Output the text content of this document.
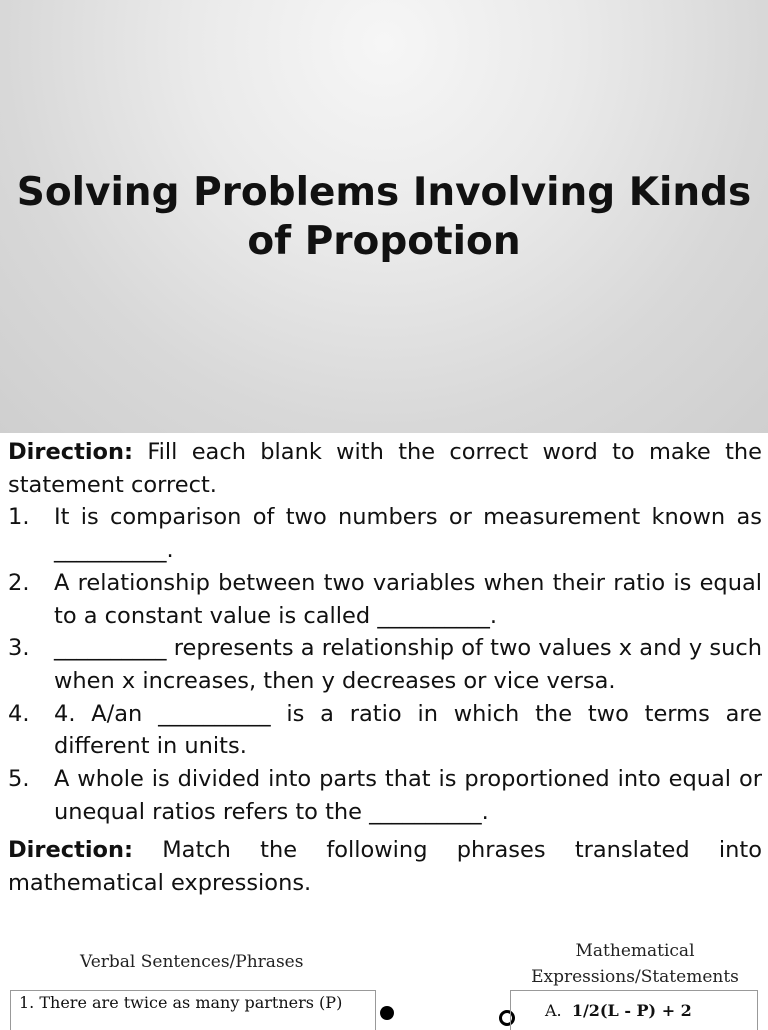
Solving Problems Involving Kinds
of Propotion
Direction: Fill each blank with the correct word to make the statement correct.
1. It is comparison of two numbers or measurement known as __________.
2. A relationship between two variables when their ratio is equal to a constant value is called __________.
3. __________ represents a relationship of two values x and y such when x increases, then y decreases or vice versa.
4. 4. A/an __________ is a ratio in which the two terms are different in units.
5. A whole is divided into parts that is proportioned into equal or unequal ratios refers to the __________.
Direction: Match the following phrases translated into mathematical expressions.
Verbal Sentences/Phrases
Mathematical
Expressions/Statements
1. There are twice as many partners (P)	A. 1/2(L - P) + 2
